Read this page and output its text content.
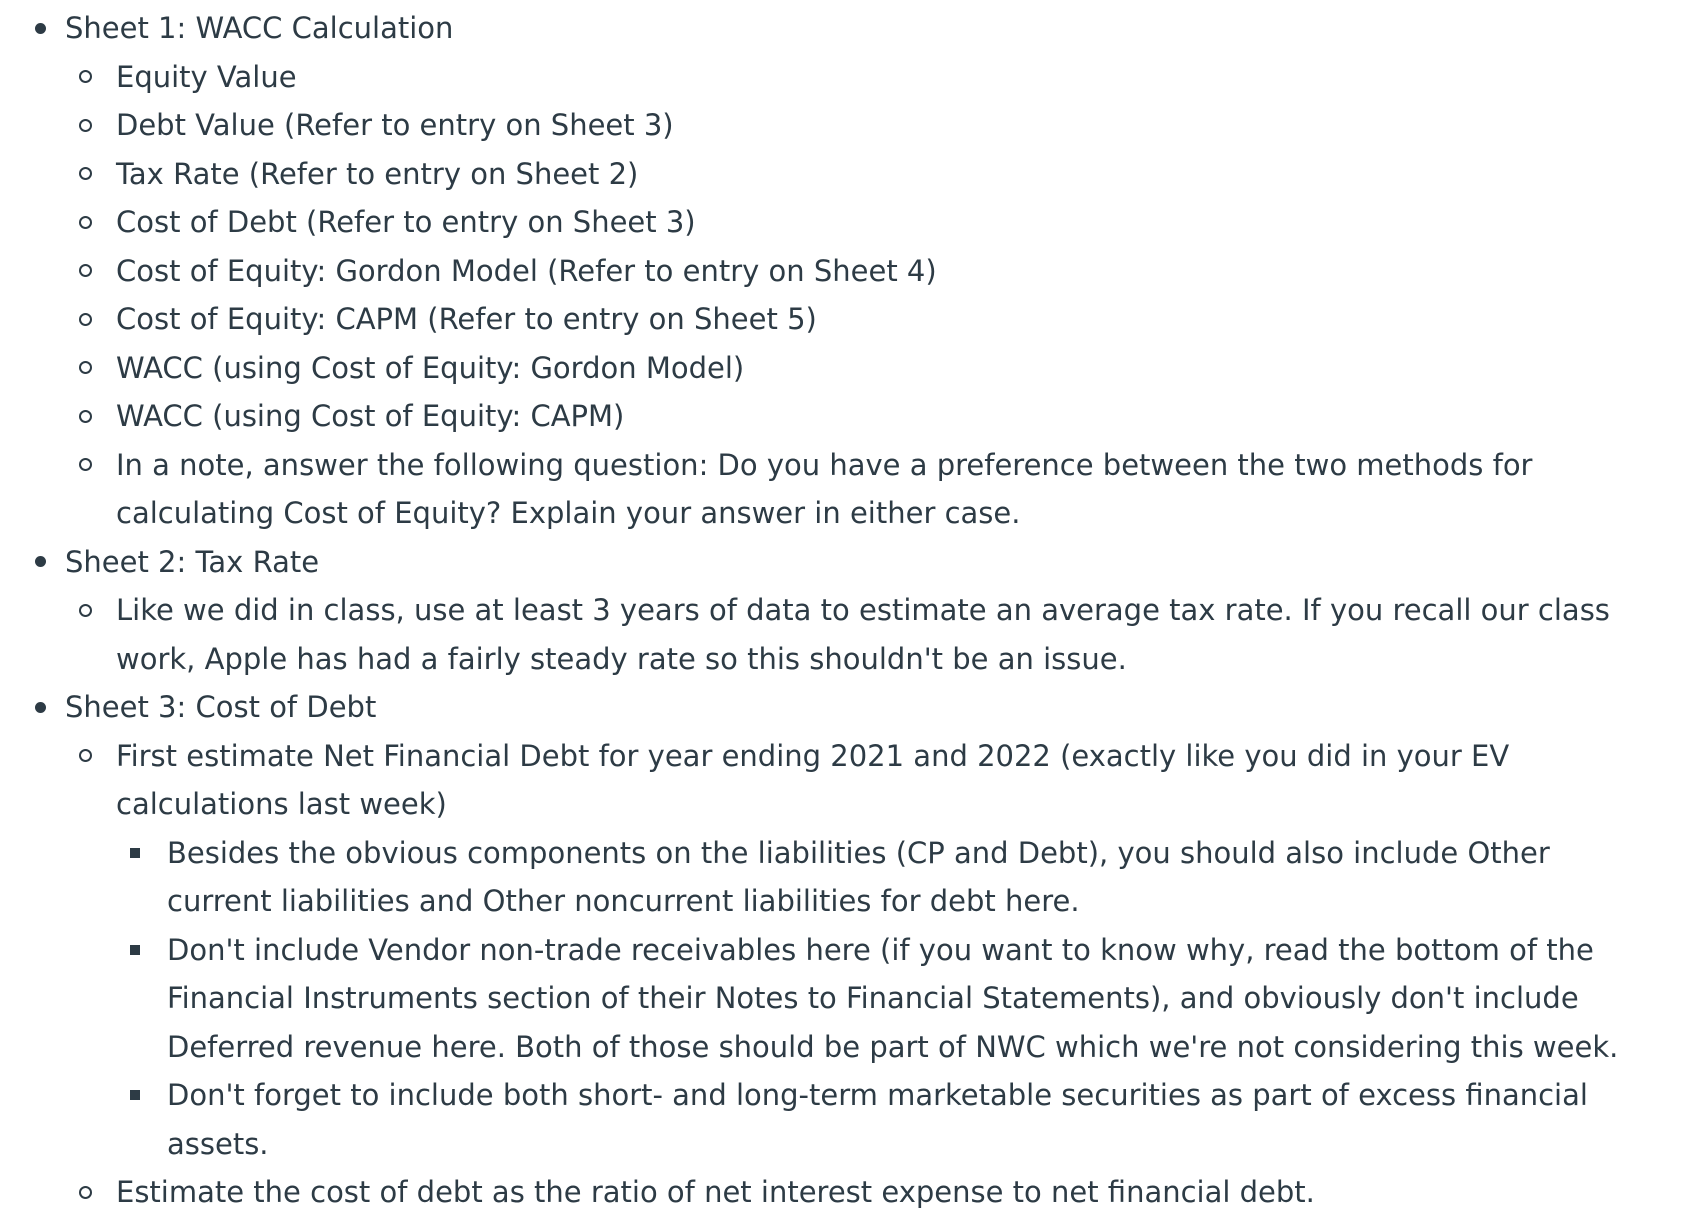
Sheet 1: WACC Calculation
Equity Value
Debt Value (Refer to entry on Sheet 3)
Tax Rate (Refer to entry on Sheet 2)
Cost of Debt (Refer to entry on Sheet 3)
Cost of Equity: Gordon Model (Refer to entry on Sheet 4)
Cost of Equity: CAPM (Refer to entry on Sheet 5)
WACC (using Cost of Equity: Gordon Model)
WACC (using Cost of Equity: CAPM)
In a note, answer the following question: Do you have a preference between the two methods for calculating Cost of Equity? Explain your answer in either case.
Sheet 2: Tax Rate
Like we did in class, use at least 3 years of data to estimate an average tax rate. If you recall our class work, Apple has had a fairly steady rate so this shouldn't be an issue.
Sheet 3: Cost of Debt
First estimate Net Financial Debt for year ending 2021 and 2022 (exactly like you did in your EV calculations last week)
Besides the obvious components on the liabilities (CP and Debt), you should also include Other current liabilities and Other noncurrent liabilities for debt here.
Don't include Vendor non-trade receivables here (if you want to know why, read the bottom of the Financial Instruments section of their Notes to Financial Statements), and obviously don't include Deferred revenue here. Both of those should be part of NWC which we're not considering this week.
Don't forget to include both short- and long-term marketable securities as part of excess financial assets.
Estimate the cost of debt as the ratio of net interest expense to net financial debt.
